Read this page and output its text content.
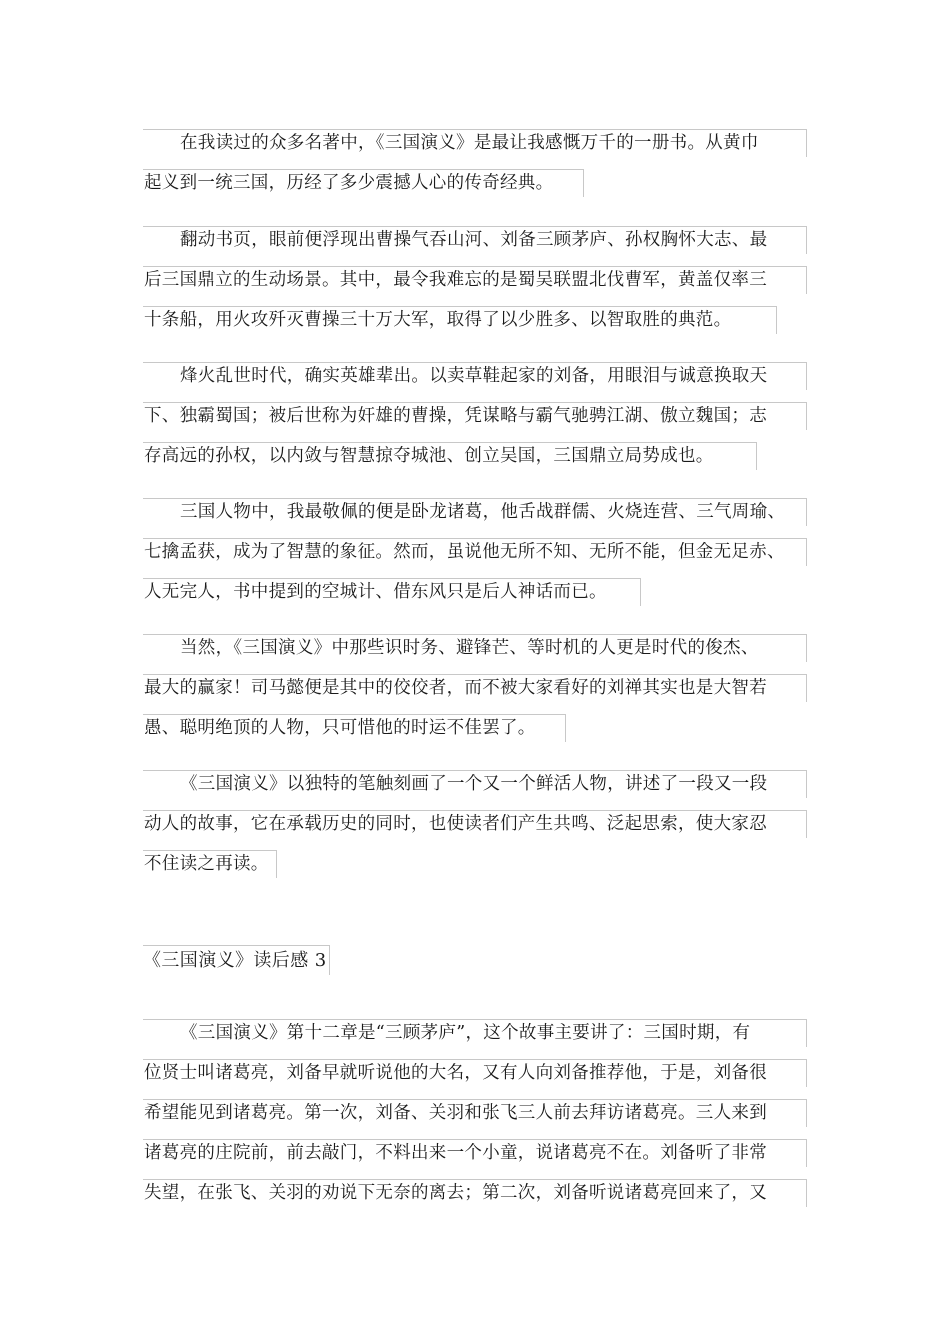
在我读过的众多名著中，《三国演义》是最让我感慨万千的一册书。从黄巾
起义到一统三国，历经了多少震撼人心的传奇经典。
翻动书页，眼前便浮现出曹操气吞山河、刘备三顾茅庐、孙权胸怀大志、最
后三国鼎立的生动场景。其中，最令我难忘的是蜀吴联盟北伐曹军，黄盖仅率三
十条船，用火攻歼灭曹操三十万大军，取得了以少胜多、以智取胜的典范。
烽火乱世时代，确实英雄辈出。以卖草鞋起家的刘备，用眼泪与诚意换取天
下、独霸蜀国；被后世称为奸雄的曹操，凭谋略与霸气驰骋江湖、傲立魏国；志
存高远的孙权，以内敛与智慧掠夺城池、创立吴国，三国鼎立局势成也。
三国人物中，我最敬佩的便是卧龙诸葛，他舌战群儒、火烧连营、三气周瑜、
七擒孟获，成为了智慧的象征。然而，虽说他无所不知、无所不能，但金无足赤、
人无完人，书中提到的空城计、借东风只是后人神话而已。
当然，《三国演义》中那些识时务、避锋芒、等时机的人更是时代的俊杰、
最大的赢家！司马懿便是其中的佼佼者，而不被大家看好的刘禅其实也是大智若
愚、聪明绝顶的人物，只可惜他的时运不佳罢了。
《三国演义》以独特的笔触刻画了一个又一个鲜活人物，讲述了一段又一段
动人的故事，它在承载历史的同时，也使读者们产生共鸣、泛起思索，使大家忍
不住读之再读。
《三国演义》读后感 3
《三国演义》第十二章是“三顾茅庐”，这个故事主要讲了：三国时期，有
位贤士叫诸葛亮，刘备早就听说他的大名，又有人向刘备推荐他，于是，刘备很
希望能见到诸葛亮。第一次，刘备、关羽和张飞三人前去拜访诸葛亮。三人来到
诸葛亮的庄院前，前去敲门，不料出来一个小童，说诸葛亮不在。刘备听了非常
失望，在张飞、关羽的劝说下无奈的离去；第二次，刘备听说诸葛亮回来了，又
